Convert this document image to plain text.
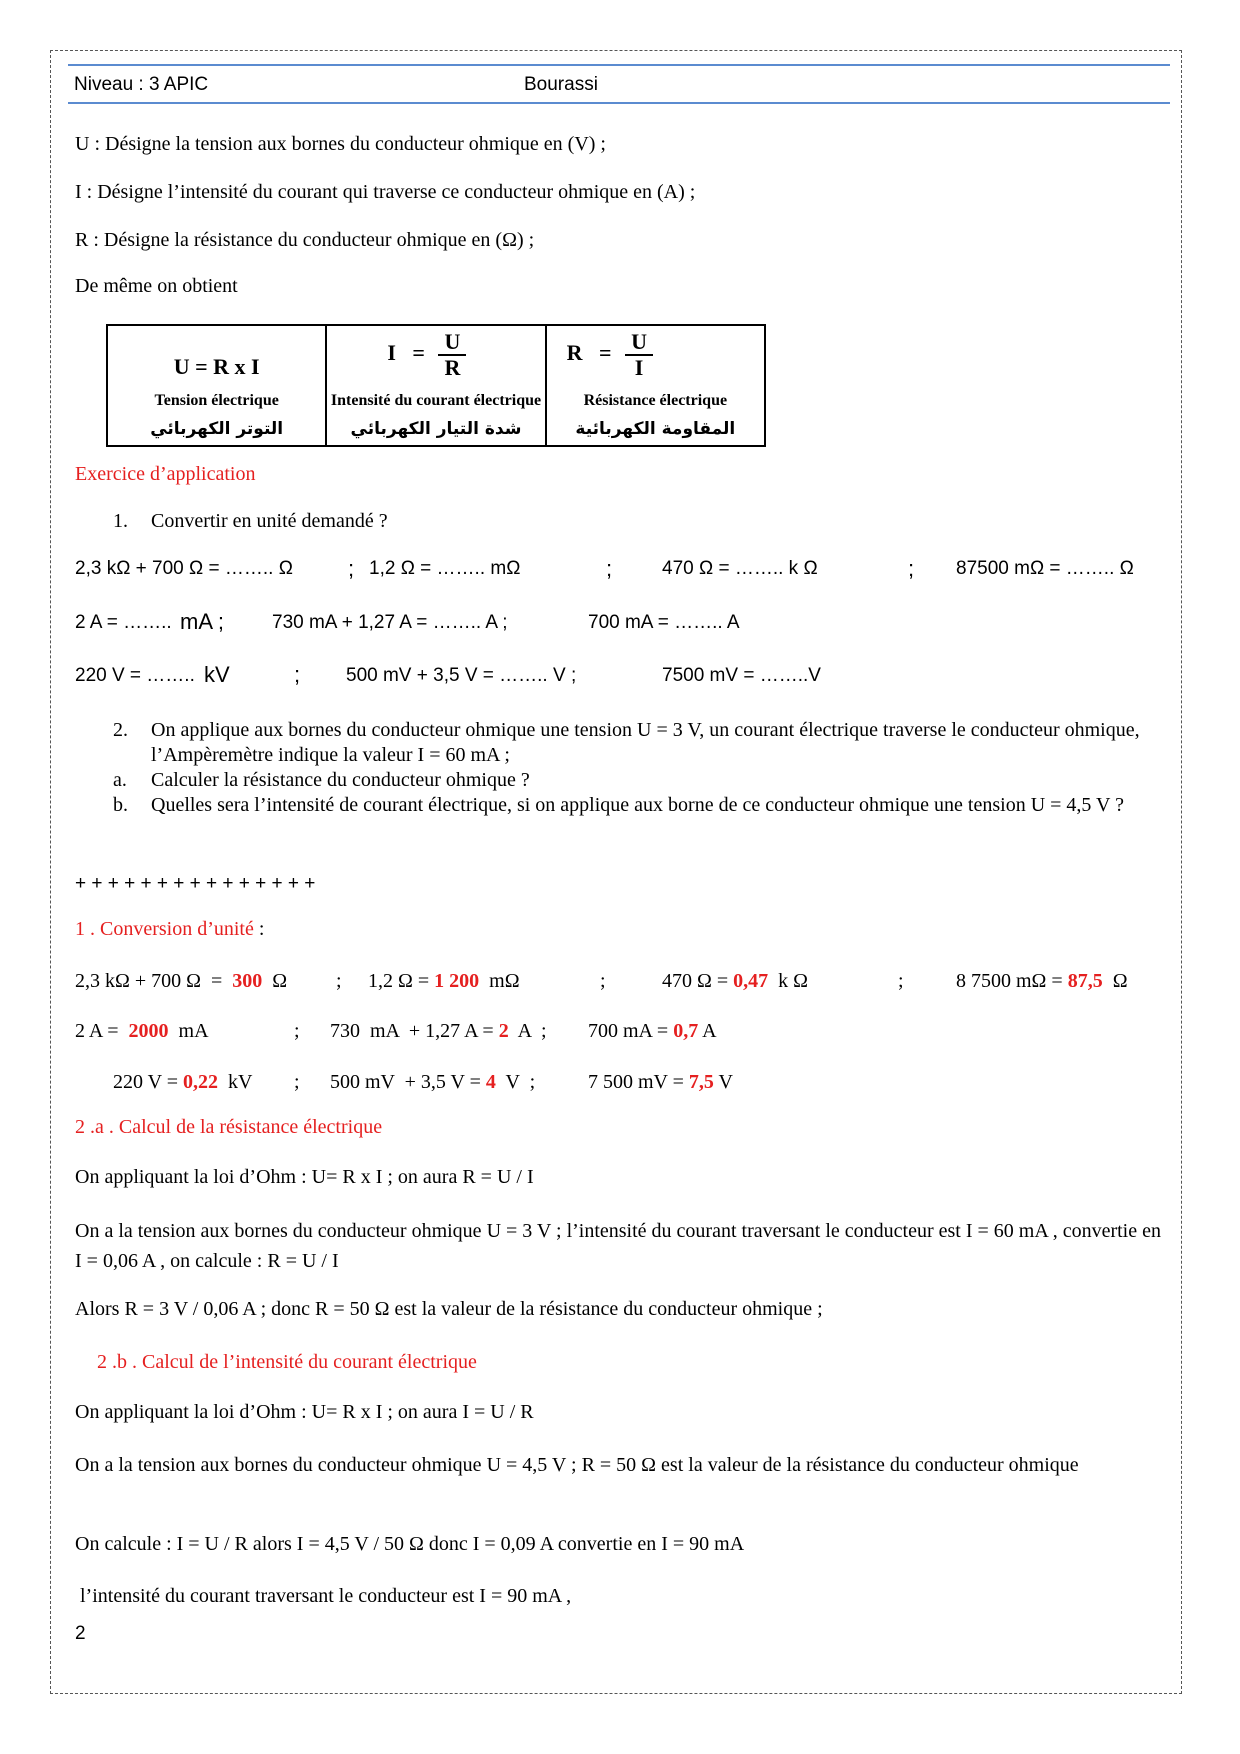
Niveau : 3 APIC	Bourassi
U : Désigne la tension aux bornes du conducteur ohmique en (V) ;
I : Désigne l’intensité du courant qui traverse ce conducteur ohmique en (A) ;
R : Désigne la résistance du conducteur ohmique en (Ω) ;
De même on obtient
U = R x I
Tension électrique
التوتر الكهربائي
$I = \frac{U}{R}$
Intensité du courant électrique
شدة التيار الكهربائي
$R = \frac{U}{I}$
Résistance électrique
المقاومة الكهربائية
Exercice d’application
1. Convertir en unité demandé ?
2,3 kΩ + 700 Ω = …….. Ω	; 1,2 Ω = …….. mΩ	;	470 Ω = …….. k Ω	; 87500 mΩ = …….. Ω
2 A = …….. mA ;	730 mA + 1,27 A = …….. A ;	700 mA = …….. A
220 V = …….. kV	; 500 mV + 3,5 V = …….. V ;	7500 mV = ……..V
2.	On applique aux bornes du conducteur ohmique une tension U = 3 V, un courant électrique traverse le conducteur ohmique, l’Ampèremètre indique la valeur I = 60 mA ;
a.	Calculer la résistance du conducteur ohmique ?
b.	Quelles sera l’intensité de courant électrique, si on applique aux borne de ce conducteur ohmique une tension U = 4,5 V ?
+ + + + + + + + + + + + + + +
1 . Conversion d’unité :
2,3 kΩ + 700 Ω  =  300  Ω ; 1,2 Ω = 1 200  mΩ	;	470 Ω = 0,47  k Ω	;	8 7500 mΩ = 87,5  Ω
2 A =  2000  mA	; 730  mA  + 1,27 A = 2  A  ; 700 mA = 0,7 A
220 V = 0,22  kV ; 500 mV  + 3,5 V = 4  V  ;	7 500 mV = 7,5 V
2 .a . Calcul de la résistance électrique
On appliquant la loi d’Ohm : U= R x I ; on aura R = U / I
On a la tension aux bornes du conducteur ohmique U = 3 V ; l’intensité du courant traversant le conducteur est I = 60 mA , convertie en I = 0,06 A , on calcule : R = U / I
Alors R = 3 V / 0,06 A ; donc R = 50 Ω est la valeur de la résistance du conducteur ohmique ;
2 .b . Calcul de l’intensité du courant électrique
On appliquant la loi d’Ohm : U= R x I ; on aura I = U / R
On a la tension aux bornes du conducteur ohmique U = 4,5 V ; R = 50 Ω est la valeur de la résistance du conducteur ohmique
On calcule : I = U / R alors I = 4,5 V / 50 Ω donc I = 0,09 A convertie en I = 90 mA
l’intensité du courant traversant le conducteur est I = 90 mA ,
2
